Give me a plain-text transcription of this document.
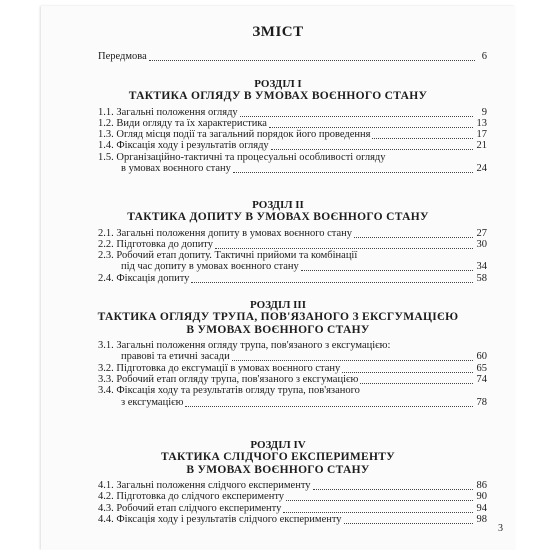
ЗМІСТ
Передмова	6
РОЗДІЛ І
ТАКТИКА ОГЛЯДУ В УМОВАХ ВОЄННОГО СТАНУ
1.1. Загальні положення огляду	9
1.2. Види огляду та їх характеристика	13
1.3. Огляд місця події та загальний порядок його проведення	17
1.4. Фіксація ходу і результатів огляду	21
1.5. Організаційно-тактичні та процесуальні особливості огляду
в умовах воєнного стану	24
РОЗДІЛ ІІ
ТАКТИКА ДОПИТУ В УМОВАХ ВОЄННОГО СТАНУ
2.1. Загальні положення допиту в умовах воєнного стану	27
2.2. Підготовка до допиту	30
2.3. Робочий етап допиту. Тактичні прийоми та комбінації
під час допиту в умовах воєнного стану	34
2.4. Фіксація допиту	58
РОЗДІЛ ІІІ
ТАКТИКА ОГЛЯДУ ТРУПА, ПОВ'ЯЗАНОГО З ЕКСГУМАЦІЄЮ
В УМОВАХ ВОЄННОГО СТАНУ
3.1. Загальні положення огляду трупа, пов'язаного з ексгумацією:
правові та етичні засади	60
3.2. Підготовка до ексгумації в умовах воєнного стану	65
3.3. Робочий етап огляду трупа, пов'язаного з ексгумацією	74
3.4. Фіксація ходу та результатів огляду трупа, пов'язаного
з ексгумацією	78
РОЗДІЛ IV
ТАКТИКА СЛІДЧОГО ЕКСПЕРИМЕНТУ
В УМОВАХ ВОЄННОГО СТАНУ
4.1. Загальні положення слідчого експерименту	86
4.2. Підготовка до слідчого експерименту	90
4.3. Робочий етап слідчого експерименту	94
4.4. Фіксація ходу і результатів слідчого експерименту	98
3
